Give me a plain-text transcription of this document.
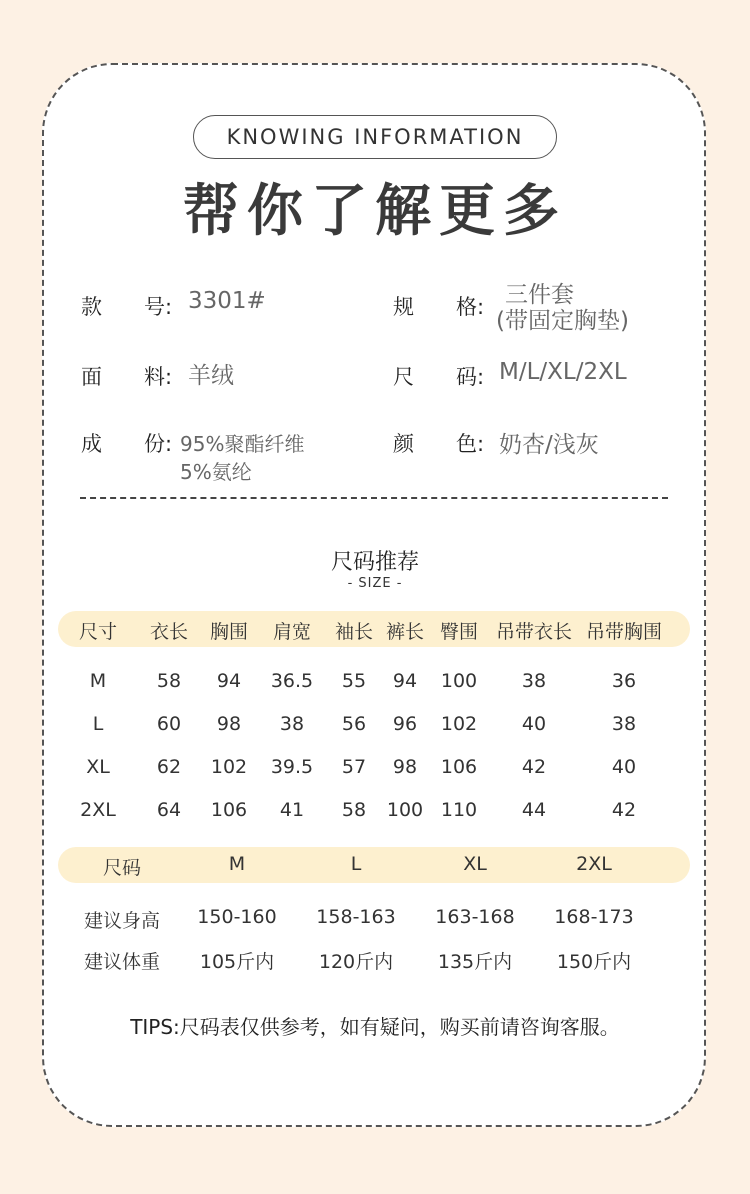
KNOWING INFORMATION
帮你了解更多
款　　号: 3301#	规　　格: 三件套
(带固定胸垫)
面　　料: 羊绒	尺　　码: M/L/XL/2XL
成　　份: 95%聚酯纤维
5%氨纶
颜　　色: 奶杏/浅灰
尺码推荐
- SIZE -
尺寸 衣长 胸围 肩宽 袖长 裤长 臀围 吊带衣长 吊带胸围
M	58 94 36.5 55 94 100 38	36
L	60 98 38 56 96 102 40	38
XL 62 102 39.5 57 98 106 42	40
2XL 64 106 41 58 100 110 44	42
尺码	M	L	XL	2XL
建议身高 150-160 158-163 163-168 168-173
建议体重 105斤内 120斤内 135斤内 150斤内
TIPS:尺码表仅供参考，如有疑问，购买前请咨询客服。
